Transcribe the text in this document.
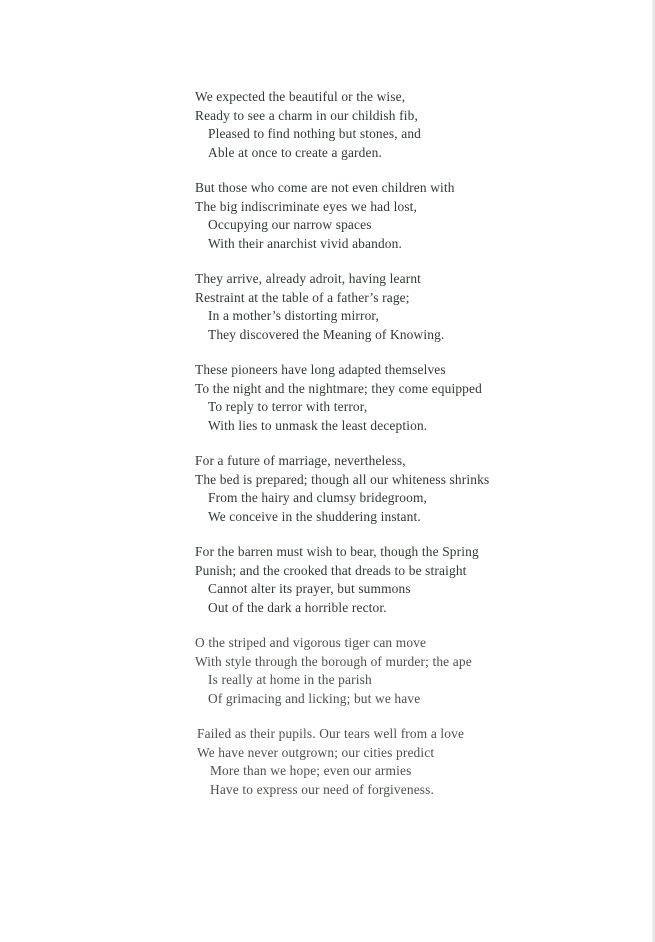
We expected the beautiful or the wise,
Ready to see a charm in our childish fib,
Pleased to find nothing but stones, and
Able at once to create a garden.
But those who come are not even children with
The big indiscriminate eyes we had lost,
Occupying our narrow spaces
With their anarchist vivid abandon.
They arrive, already adroit, having learnt
Restraint at the table of a father’s rage;
In a mother’s distorting mirror,
They discovered the Meaning of Knowing.
These pioneers have long adapted themselves
To the night and the nightmare; they come equipped
To reply to terror with terror,
With lies to unmask the least deception.
For a future of marriage, nevertheless,
The bed is prepared; though all our whiteness shrinks
From the hairy and clumsy bridegroom,
We conceive in the shuddering instant.
For the barren must wish to bear, though the Spring
Punish; and the crooked that dreads to be straight
Cannot alter its prayer, but summons
Out of the dark a horrible rector.
O the striped and vigorous tiger can move
With style through the borough of murder; the ape
Is really at home in the parish
Of grimacing and licking; but we have
Failed as their pupils. Our tears well from a love
We have never outgrown; our cities predict
More than we hope; even our armies
Have to express our need of forgiveness.
